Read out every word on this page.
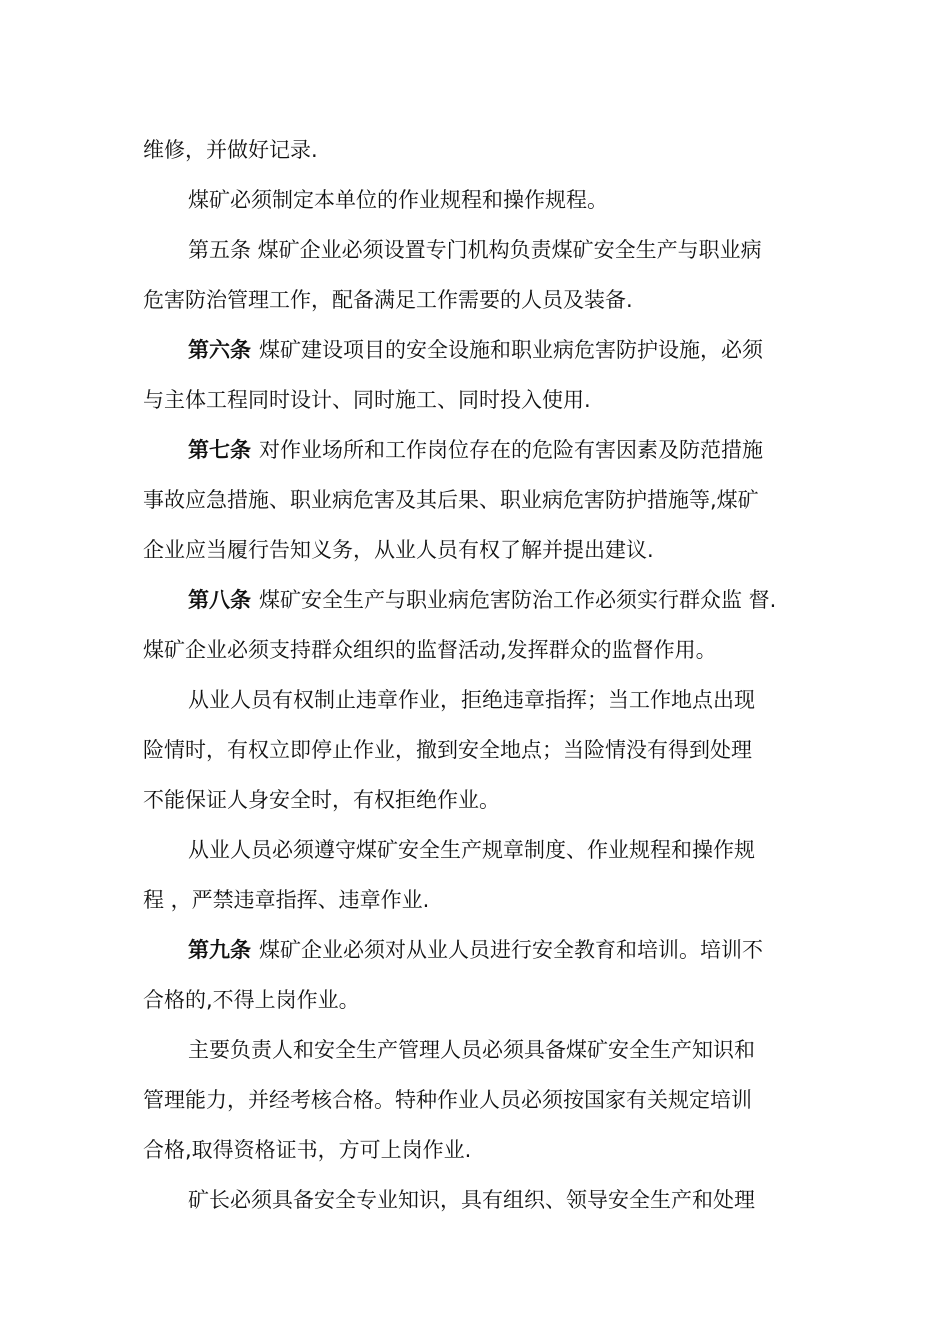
维修，并做好记录.
煤矿必须制定本单位的作业规程和操作规程。
第五条 煤矿企业必须设置专门机构负责煤矿安全生产与职业病
危害防治管理工作，配备满足工作需要的人员及装备.
第六条 煤矿建设项目的安全设施和职业病危害防护设施，必须
与主体工程同时设计、同时施工、同时投入使用.
第七条 对作业场所和工作岗位存在的危险有害因素及防范措施
事故应急措施、职业病危害及其后果、职业病危害防护措施等,煤矿
企业应当履行告知义务，从业人员有权了解并提出建议.
第八条 煤矿安全生产与职业病危害防治工作必须实行群众监 督.
煤矿企业必须支持群众组织的监督活动,发挥群众的监督作用。
从业人员有权制止违章作业，拒绝违章指挥；当工作地点出现
险情时，有权立即停止作业，撤到安全地点；当险情没有得到处理
不能保证人身安全时，有权拒绝作业。
从业人员必须遵守煤矿安全生产规章制度、作业规程和操作规
程 ，严禁违章指挥、违章作业.
第九条 煤矿企业必须对从业人员进行安全教育和培训。培训不
合格的,不得上岗作业。
主要负责人和安全生产管理人员必须具备煤矿安全生产知识和
管理能力，并经考核合格。特种作业人员必须按国家有关规定培训
合格,取得资格证书，方可上岗作业.
矿长必须具备安全专业知识，具有组织、领导安全生产和处理
